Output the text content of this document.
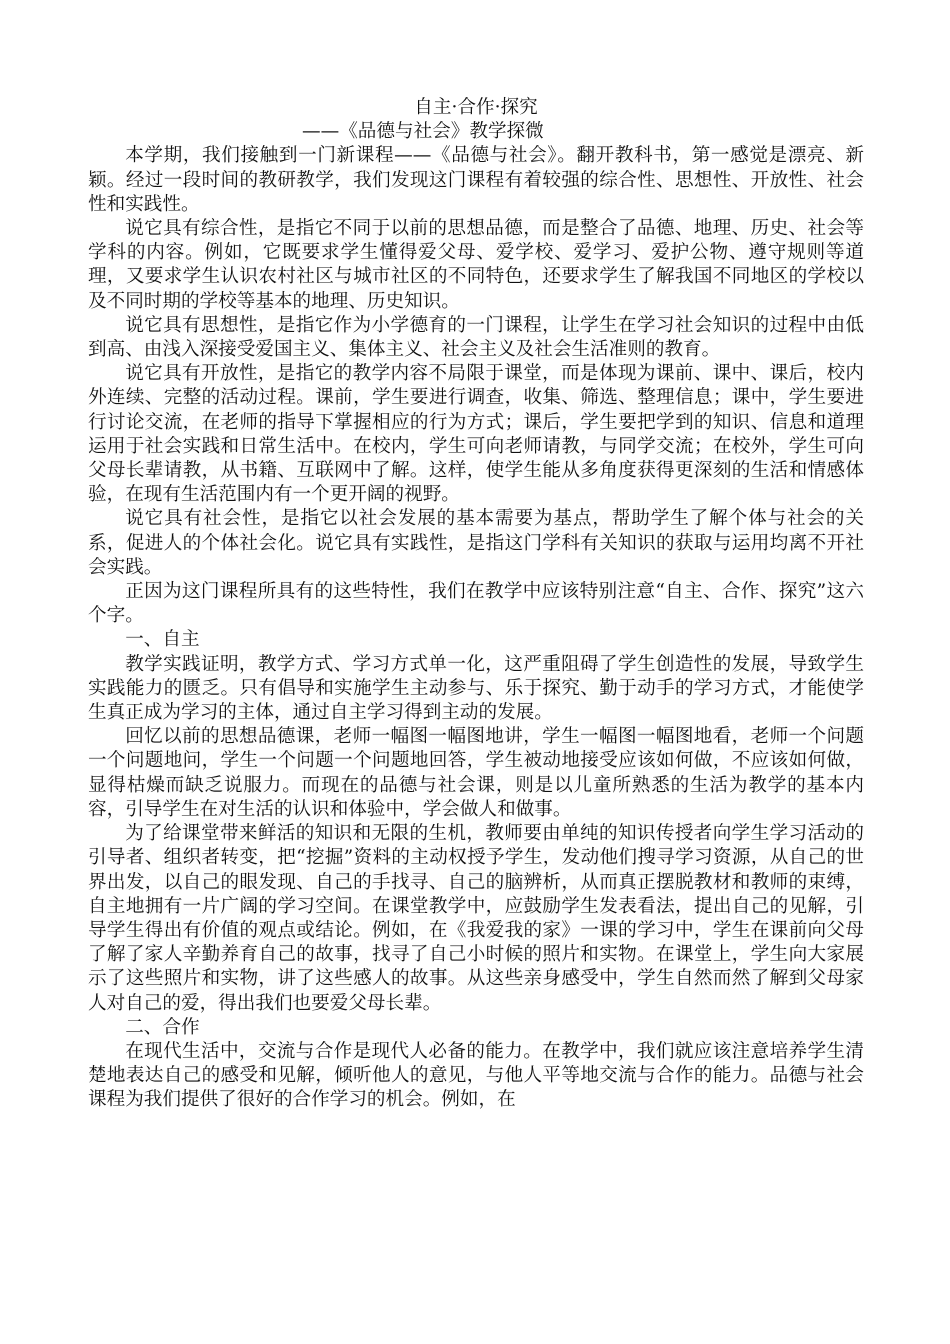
自主·合作·探究
——《品德与社会》教学探微

本学期，我们接触到一门新课程——《品德与社会》。翻开教科书，第一感觉是漂亮、新颖。经过一段时间的教研教学，我们发现这门课程有着较强的综合性、思想性、开放性、社会性和实践性。

说它具有综合性，是指它不同于以前的思想品德，而是整合了品德、地理、历史、社会等学科的内容。例如，它既要求学生懂得爱父母、爱学校、爱学习、爱护公物、遵守规则等道理，又要求学生认识农村社区与城市社区的不同特色，还要求学生了解我国不同地区的学校以及不同时期的学校等基本的地理、历史知识。

说它具有思想性，是指它作为小学德育的一门课程，让学生在学习社会知识的过程中由低到高、由浅入深接受爱国主义、集体主义、社会主义及社会生活准则的教育。

说它具有开放性，是指它的教学内容不局限于课堂，而是体现为课前、课中、课后，校内外连续、完整的活动过程。课前，学生要进行调查，收集、筛选、整理信息；课中，学生要进行讨论交流，在老师的指导下掌握相应的行为方式；课后，学生要把学到的知识、信息和道理运用于社会实践和日常生活中。在校内，学生可向老师请教，与同学交流；在校外，学生可向父母长辈请教，从书籍、互联网中了解。这样，使学生能从多角度获得更深刻的生活和情感体验，在现有生活范围内有一个更开阔的视野。

说它具有社会性，是指它以社会发展的基本需要为基点，帮助学生了解个体与社会的关系，促进人的个体社会化。说它具有实践性，是指这门学科有关知识的获取与运用均离不开社会实践。

正因为这门课程所具有的这些特性，我们在教学中应该特别注意“自主、合作、探究”这六个字。

一、自主

教学实践证明，教学方式、学习方式单一化，这严重阻碍了学生创造性的发展，导致学生实践能力的匮乏。只有倡导和实施学生主动参与、乐于探究、勤于动手的学习方式，才能使学生真正成为学习的主体，通过自主学习得到主动的发展。

回忆以前的思想品德课，老师一幅图一幅图地讲，学生一幅图一幅图地看，老师一个问题一个问题地问，学生一个问题一个问题地回答，学生被动地接受应该如何做，不应该如何做，显得枯燥而缺乏说服力。而现在的品德与社会课，则是以儿童所熟悉的生活为教学的基本内容，引导学生在对生活的认识和体验中，学会做人和做事。

为了给课堂带来鲜活的知识和无限的生机，教师要由单纯的知识传授者向学生学习活动的引导者、组织者转变，把“挖掘”资料的主动权授予学生，发动他们搜寻学习资源，从自己的世界出发，以自己的眼发现、自己的手找寻、自己的脑辨析，从而真正摆脱教材和教师的束缚，自主地拥有一片广阔的学习空间。在课堂教学中，应鼓励学生发表看法，提出自己的见解，引导学生得出有价值的观点或结论。例如，在《我爱我的家》一课的学习中，学生在课前向父母了解了家人辛勤养育自己的故事，找寻了自己小时候的照片和实物。在课堂上，学生向大家展示了这些照片和实物，讲了这些感人的故事。从这些亲身感受中，学生自然而然了解到父母家人对自己的爱，得出我们也要爱父母长辈。

二、合作

在现代生活中，交流与合作是现代人必备的能力。在教学中，我们就应该注意培养学生清楚地表达自己的感受和见解，倾听他人的意见，与他人平等地交流与合作的能力。品德与社会课程为我们提供了很好的合作学习的机会。例如，在
